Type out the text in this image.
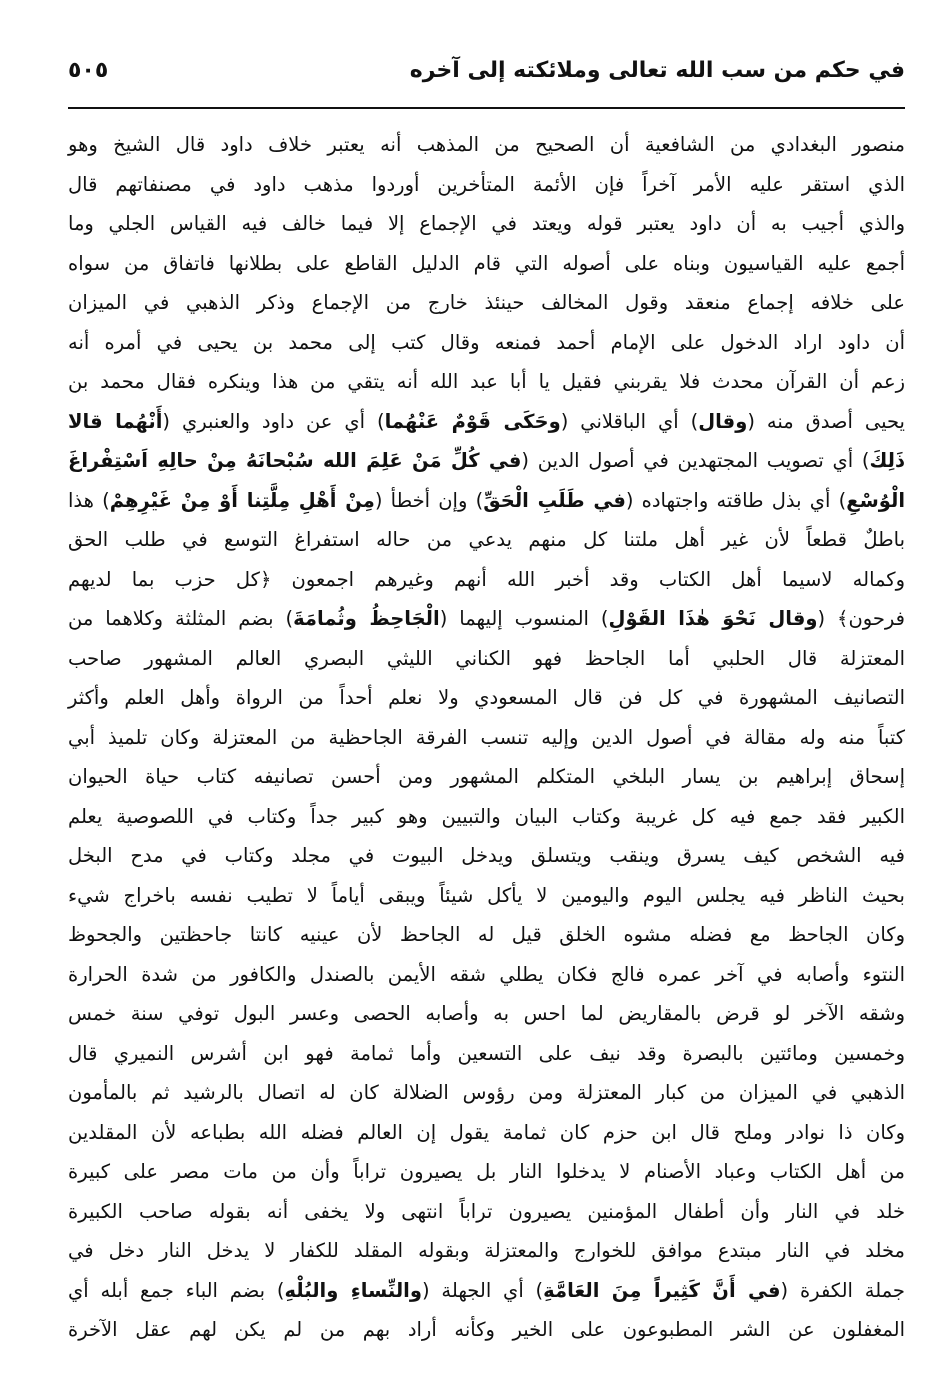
في حكم من سب الله تعالى وملائكته إلى آخره
٥٠٥
منصور البغدادي من الشافعية أن الصحيح من المذهب أنه يعتبر خلاف داود قال الشيخ وهو
الذي استقر عليه الأمر آخراً فإن الأئمة المتأخرين أوردوا مذهب داود في مصنفاتهم قال
والذي أجيب به أن داود يعتبر قوله ويعتد في الإجماع إلا فيما خالف فيه القياس الجلي وما
أجمع عليه القياسيون وبناه على أصوله التي قام الدليل القاطع على بطلانها فاتفاق من سواه
على خلافه إجماع منعقد وقول المخالف حينئذ خارج من الإجماع وذكر الذهبي في الميزان
أن داود اراد الدخول على الإمام أحمد فمنعه وقال كتب إلى محمد بن يحيى في أمره أنه
زعم أن القرآن محدث فلا يقربني فقيل يا أبا عبد الله أنه يتقي من هذا وينكره فقال محمد بن
يحيى أصدق منه (وقال) أي الباقلاني (وحَكَى قَوْمٌ عَنْهُما) أي عن داود والعنبري (أَنْهُما قالا
ذَلِكَ) أي تصويب المجتهدين في أصول الدين (في كُلِّ مَنْ عَلِمَ الله سُبْحانَهُ مِنْ حالِهِ اَسْتِفْراغَ
الْوُسْعِ) أي بذل طاقته واجتهاده (في طَلَبِ الْحَقِّ) وإن أخطأ (مِنْ أَهْلِ مِلَّتِنا أَوْ مِنْ غَيْرِهِمْ) هذا
باطلٌ قطعاً لأن غير أهل ملتنا كل منهم يدعي من حاله استفراغ التوسع في طلب الحق
وكماله لاسيما أهل الكتاب وقد أخبر الله أنهم وغيرهم اجمعون ﴿كل حزب بما لديهم
فرحون﴾ (وقال نَحْوَ هٰذَا القَوْلِ) المنسوب إليهما (الْجَاحِظُ وثُمامَةَ) بضم المثلثة وكلاهما من
المعتزلة قال الحلبي أما الجاحظ فهو الكناني الليثي البصري العالم المشهور صاحب
التصانيف المشهورة في كل فن قال المسعودي ولا نعلم أحداً من الرواة وأهل العلم وأكثر
كتباً منه وله مقالة في أصول الدين وإليه تنسب الفرقة الجاحظية من المعتزلة وكان تلميذ أبي
إسحاق إبراهيم بن يسار البلخي المتكلم المشهور ومن أحسن تصانيفه كتاب حياة الحيوان
الكبير فقد جمع فيه كل غريبة وكتاب البيان والتبيين وهو كبير جداً وكتاب في اللصوصية يعلم
فيه الشخص كيف يسرق وينقب ويتسلق ويدخل البيوت في مجلد وكتاب في مدح البخل
بحيث الناظر فيه يجلس اليوم واليومين لا يأكل شيئاً ويبقى أياماً لا تطيب نفسه باخراج شيء
وكان الجاحظ مع فضله مشوه الخلق قيل له الجاحظ لأن عينيه كانتا جاحظتين والجحوظ
النتوء وأصابه في آخر عمره فالج فكان يطلي شقه الأيمن بالصندل والكافور من شدة الحرارة
وشقه الآخر لو قرض بالمقاريض لما احس به وأصابه الحصى وعسر البول توفي سنة خمس
وخمسين ومائتين بالبصرة وقد نيف على التسعين وأما ثمامة فهو ابن أشرس النميري قال
الذهبي في الميزان من كبار المعتزلة ومن رؤوس الضلالة كان له اتصال بالرشيد ثم بالمأمون
وكان ذا نوادر وملح قال ابن حزم كان ثمامة يقول إن العالم فضله الله بطباعه لأن المقلدين
من أهل الكتاب وعباد الأصنام لا يدخلوا النار بل يصيرون تراباً وأن من مات مصر على كبيرة
خلد في النار وأن أطفال المؤمنين يصيرون تراباً انتهى ولا يخفى أنه بقوله صاحب الكبيرة
مخلد في النار مبتدع موافق للخوارج والمعتزلة وبقوله المقلد للكفار لا يدخل النار دخل في
جملة الكفرة (في أَنَّ كَثِيراً مِنَ العَامَّةِ) أي الجهلة (والنِّساءِ والبُلْهِ) بضم الباء جمع أبله أي
المغفلون عن الشر المطبوعون على الخير وكأنه أراد بهم من لم يكن لهم عقل الآخرة
